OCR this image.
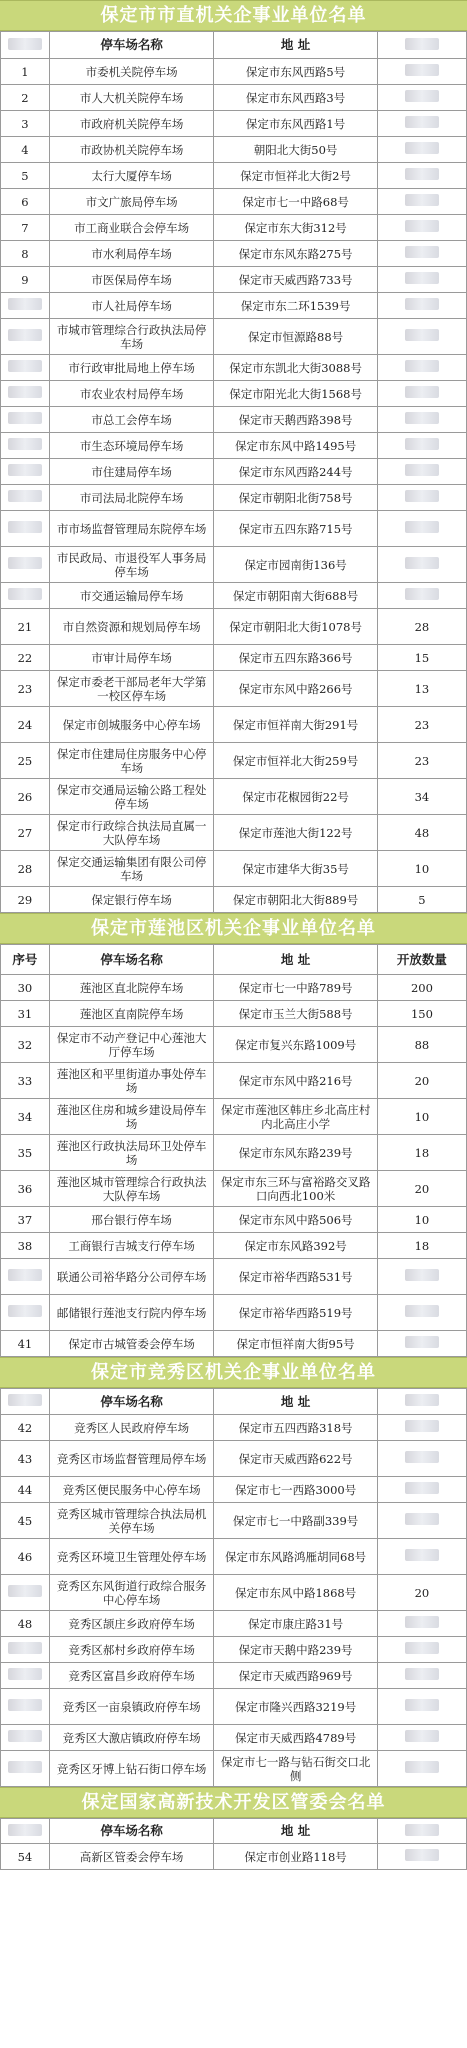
保定市市直机关企事业单位名单
	停车场名称	地 址	
1	市委机关院停车场	保定市东风西路5号	
2	市人大机关院停车场	保定市东风西路3号	
3	市政府机关院停车场	保定市东风西路1号	
4	市政协机关院停车场	朝阳北大街50号	
5	太行大厦停车场	保定市恒祥北大街2号	
6	市文广旅局停车场	保定市七一中路68号	
7	市工商业联合会停车场	保定市东大街312号	
8	市水利局停车场	保定市东风东路275号	
9	市医保局停车场	保定市天威西路733号	
	市人社局停车场	保定市东二环1539号	
	市城市管理综合行政执法局停车场	保定市恒源路88号	
	市行政审批局地上停车场	保定市东凯北大街3088号	
	市农业农村局停车场	保定市阳光北大街1568号	
	市总工会停车场	保定市天鹅西路398号	
	市生态环境局停车场	保定市东风中路1495号	
	市住建局停车场	保定市东风西路244号	
	市司法局北院停车场	保定市朝阳北街758号	
	市市场监督管理局东院停车场	保定市五四东路715号	
	市民政局、市退役军人事务局停车场	保定市园南街136号	
	市交通运输局停车场	保定市朝阳南大街688号	
21	市自然资源和规划局停车场	保定市朝阳北大街1078号	28
22	市审计局停车场	保定市五四东路366号	15
23	保定市委老干部局老年大学第一校区停车场	保定市东风中路266号	13
24	保定市创城服务中心停车场	保定市恒祥南大街291号	23
25	保定市住建局住房服务中心停车场	保定市恒祥北大街259号	23
26	保定市交通局运输公路工程处停车场	保定市花椒园街22号	34
27	保定市行政综合执法局直属一大队停车场	保定市莲池大街122号	48
28	保定交通运输集团有限公司停车场	保定市建华大街35号	10
29	保定银行停车场	保定市朝阳北大街889号	5
保定市莲池区机关企事业单位名单
序号	停车场名称	地 址	开放数量
30	莲池区直北院停车场	保定市七一中路789号	200
31	莲池区直南院停车场	保定市玉兰大街588号	150
32	保定市不动产登记中心莲池大厅停车场	保定市复兴东路1009号	88
33	莲池区和平里街道办事处停车场	保定市东风中路216号	20
34	莲池区住房和城乡建设局停车场	保定市莲池区韩庄乡北高庄村内北高庄小学	10
35	莲池区行政执法局环卫处停车场	保定市东风东路239号	18
36	莲池区城市管理综合行政执法大队停车场	保定市东三环与富裕路交叉路口向西北100米	20
37	邢台银行停车场	保定市东风中路506号	10
38	工商银行吉城支行停车场	保定市东风路392号	18
	联通公司裕华路分公司停车场	保定市裕华西路531号	
	邮储银行莲池支行院内停车场	保定市裕华西路519号	
41	保定市古城管委会停车场	保定市恒祥南大街95号	
保定市竞秀区机关企事业单位名单
	停车场名称	地 址	
42	竞秀区人民政府停车场	保定市五四西路318号	
43	竞秀区市场监督管理局停车场	保定市天威西路622号	
44	竞秀区便民服务中心停车场	保定市七一西路3000号	
45	竞秀区城市管理综合执法局机关停车场	保定市七一中路副339号	
46	竞秀区环境卫生管理处停车场	保定市东风路鸿雁胡同68号	
	竞秀区东风街道行政综合服务中心停车场	保定市东风中路1868号	20
48	竞秀区颉庄乡政府停车场	保定市康庄路31号	
	竞秀区郝村乡政府停车场	保定市天鹅中路239号	
	竞秀区富昌乡政府停车场	保定市天威西路969号	
	竞秀区一亩泉镇政府停车场	保定市隆兴西路3219号	
	竞秀区大激店镇政府停车场	保定市天威西路4789号	
	竞秀区牙博上钻石街口停车场	保定市七一路与钻石街交口北侧	
保定国家高新技术开发区管委会名单
	停车场名称	地 址	
54	高新区管委会停车场	保定市创业路118号	
